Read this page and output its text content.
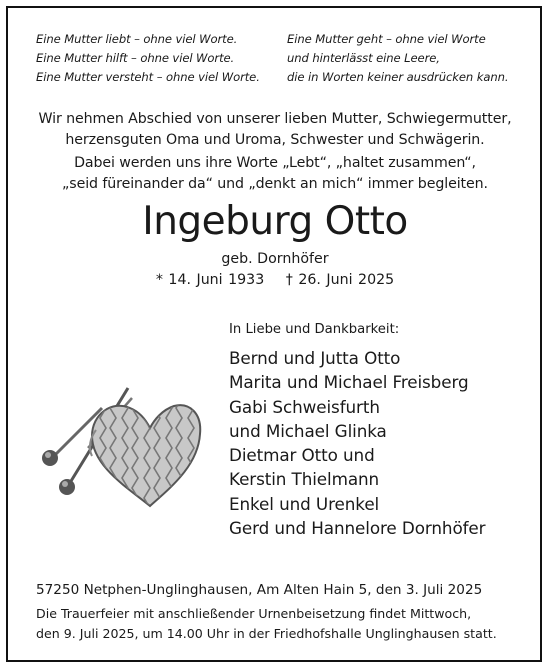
Eine Mutter liebt – ohne viel Worte.
Eine Mutter hilft – ohne viel Worte.
Eine Mutter versteht – ohne viel Worte.
Eine Mutter geht – ohne viel Worte
und hinterlässt eine Leere,
die in Worten keiner ausdrücken kann.
Wir nehmen Abschied von unserer lieben Mutter, Schwiegermutter,
herzensguten Oma und Uroma, Schwester und Schwägerin.
Dabei werden uns ihre Worte „Lebt“, „haltet zusammen“,
„seid füreinander da“ und „denkt an mich“ immer begleiten.
Ingeburg Otto
geb. Dornhöfer
* 14. Juni 1933 † 26. Juni 2025
In Liebe und Dankbarkeit:
Bernd und Jutta Otto
Marita und Michael Freisberg
Gabi Schweisfurth
und Michael Glinka
Dietmar Otto und
Kerstin Thielmann
Enkel und Urenkel
Gerd und Hannelore Dornhöfer
57250 Netphen-Unglinghausen, Am Alten Hain 5, den 3. Juli 2025
Die Trauerfeier mit anschließender Urnenbeisetzung findet Mittwoch,
den 9. Juli 2025, um 14.00 Uhr in der Friedhofshalle Unglinghausen statt.
